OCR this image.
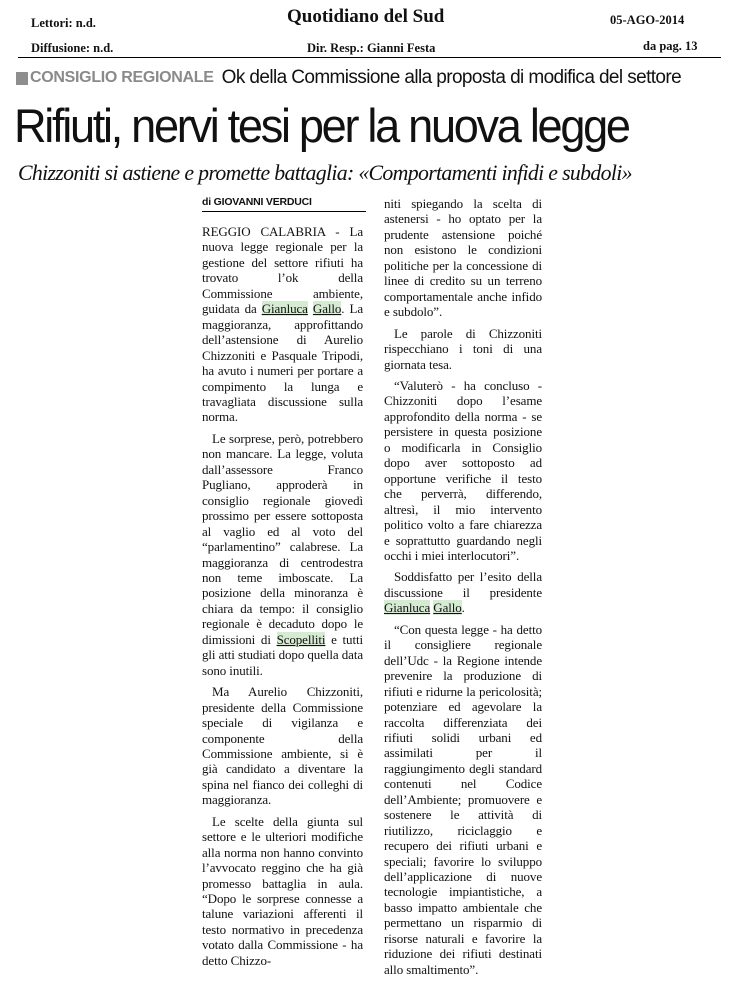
Lettori: n.d.	Quotidiano del Sud	05-AGO-2014
Diffusione: n.d.	Dir. Resp.: Gianni Festa	da pag. 13
CONSIGLIO REGIONALE Ok della Commissione alla proposta di modifica del settore
Rifiuti, nervi tesi per la nuova legge
Chizzoniti si astiene e promette battaglia: «Comportamenti infidi e subdoli»
di GIOVANNI VERDUCI

REGGIO CALABRIA - La nuova legge regionale per la gestione del settore rifiuti ha trovato l’ok della Commissione ambiente, guidata da Gianluca Gallo. La maggioranza, approfittando dell’astensione di Aurelio Chizzoniti e Pasquale Tripodi, ha avuto i numeri per portare a compimento la lunga e travagliata discussione sulla norma.

Le sorprese, però, potrebbero non mancare. La legge, voluta dall’assessore Franco Pugliano, approderà in consiglio regionale giovedì prossimo per essere sottoposta al vaglio ed al voto del “parlamentino” calabrese. La maggioranza di centrodestra non teme imboscate. La posizione della minoranza è chiara da tempo: il consiglio regionale è decaduto dopo le dimissioni di Scopelliti e tutti gli atti studiati dopo quella data sono inutili.

Ma Aurelio Chizzoniti, presidente della Commissione speciale di vigilanza e componente della Commissione ambiente, si è già candidato a diventare la spina nel fianco dei colleghi di maggioranza.

Le scelte della giunta sul settore e le ulteriori modifiche alla norma non hanno convinto l’avvocato reggino che ha già promesso battaglia in aula. “Dopo le sorprese connesse a talune variazioni afferenti il testo normativo in precedenza votato dalla Commissione - ha detto Chizzo-

niti spiegando la scelta di astenersi - ho optato per la prudente astensione poiché non esistono le condizioni politiche per la concessione di linee di credito su un terreno comportamentale anche infido e subdolo”.

Le parole di Chizzoniti rispecchiano i toni di una giornata tesa.

“Valuterò - ha concluso - Chizzoniti dopo l’esame approfondito della norma - se persistere in questa posizione o modificarla in Consiglio dopo aver sottoposto ad opportune verifiche il testo che perverrà, differendo, altresì, il mio intervento politico volto a fare chiarezza e soprattutto guardando negli occhi i miei interlocutori”.

Soddisfatto per l’esito della discussione il presidente Gianluca Gallo.

“Con questa legge - ha detto il consigliere regionale dell’Udc - la Regione intende prevenire la produzione di rifiuti e ridurne la pericolosità; potenziare ed agevolare la raccolta differenziata dei rifiuti solidi urbani ed assimilati per il raggiungimento degli standard contenuti nel Codice dell’Ambiente; promuovere e sostenere le attività di riutilizzo, riciclaggio e recupero dei rifiuti urbani e speciali; favorire lo sviluppo dell’applicazione di nuove tecnologie impiantistiche, a basso impatto ambientale che permettano un risparmio di risorse naturali e favorire la riduzione dei rifiuti destinati allo smaltimento”.
